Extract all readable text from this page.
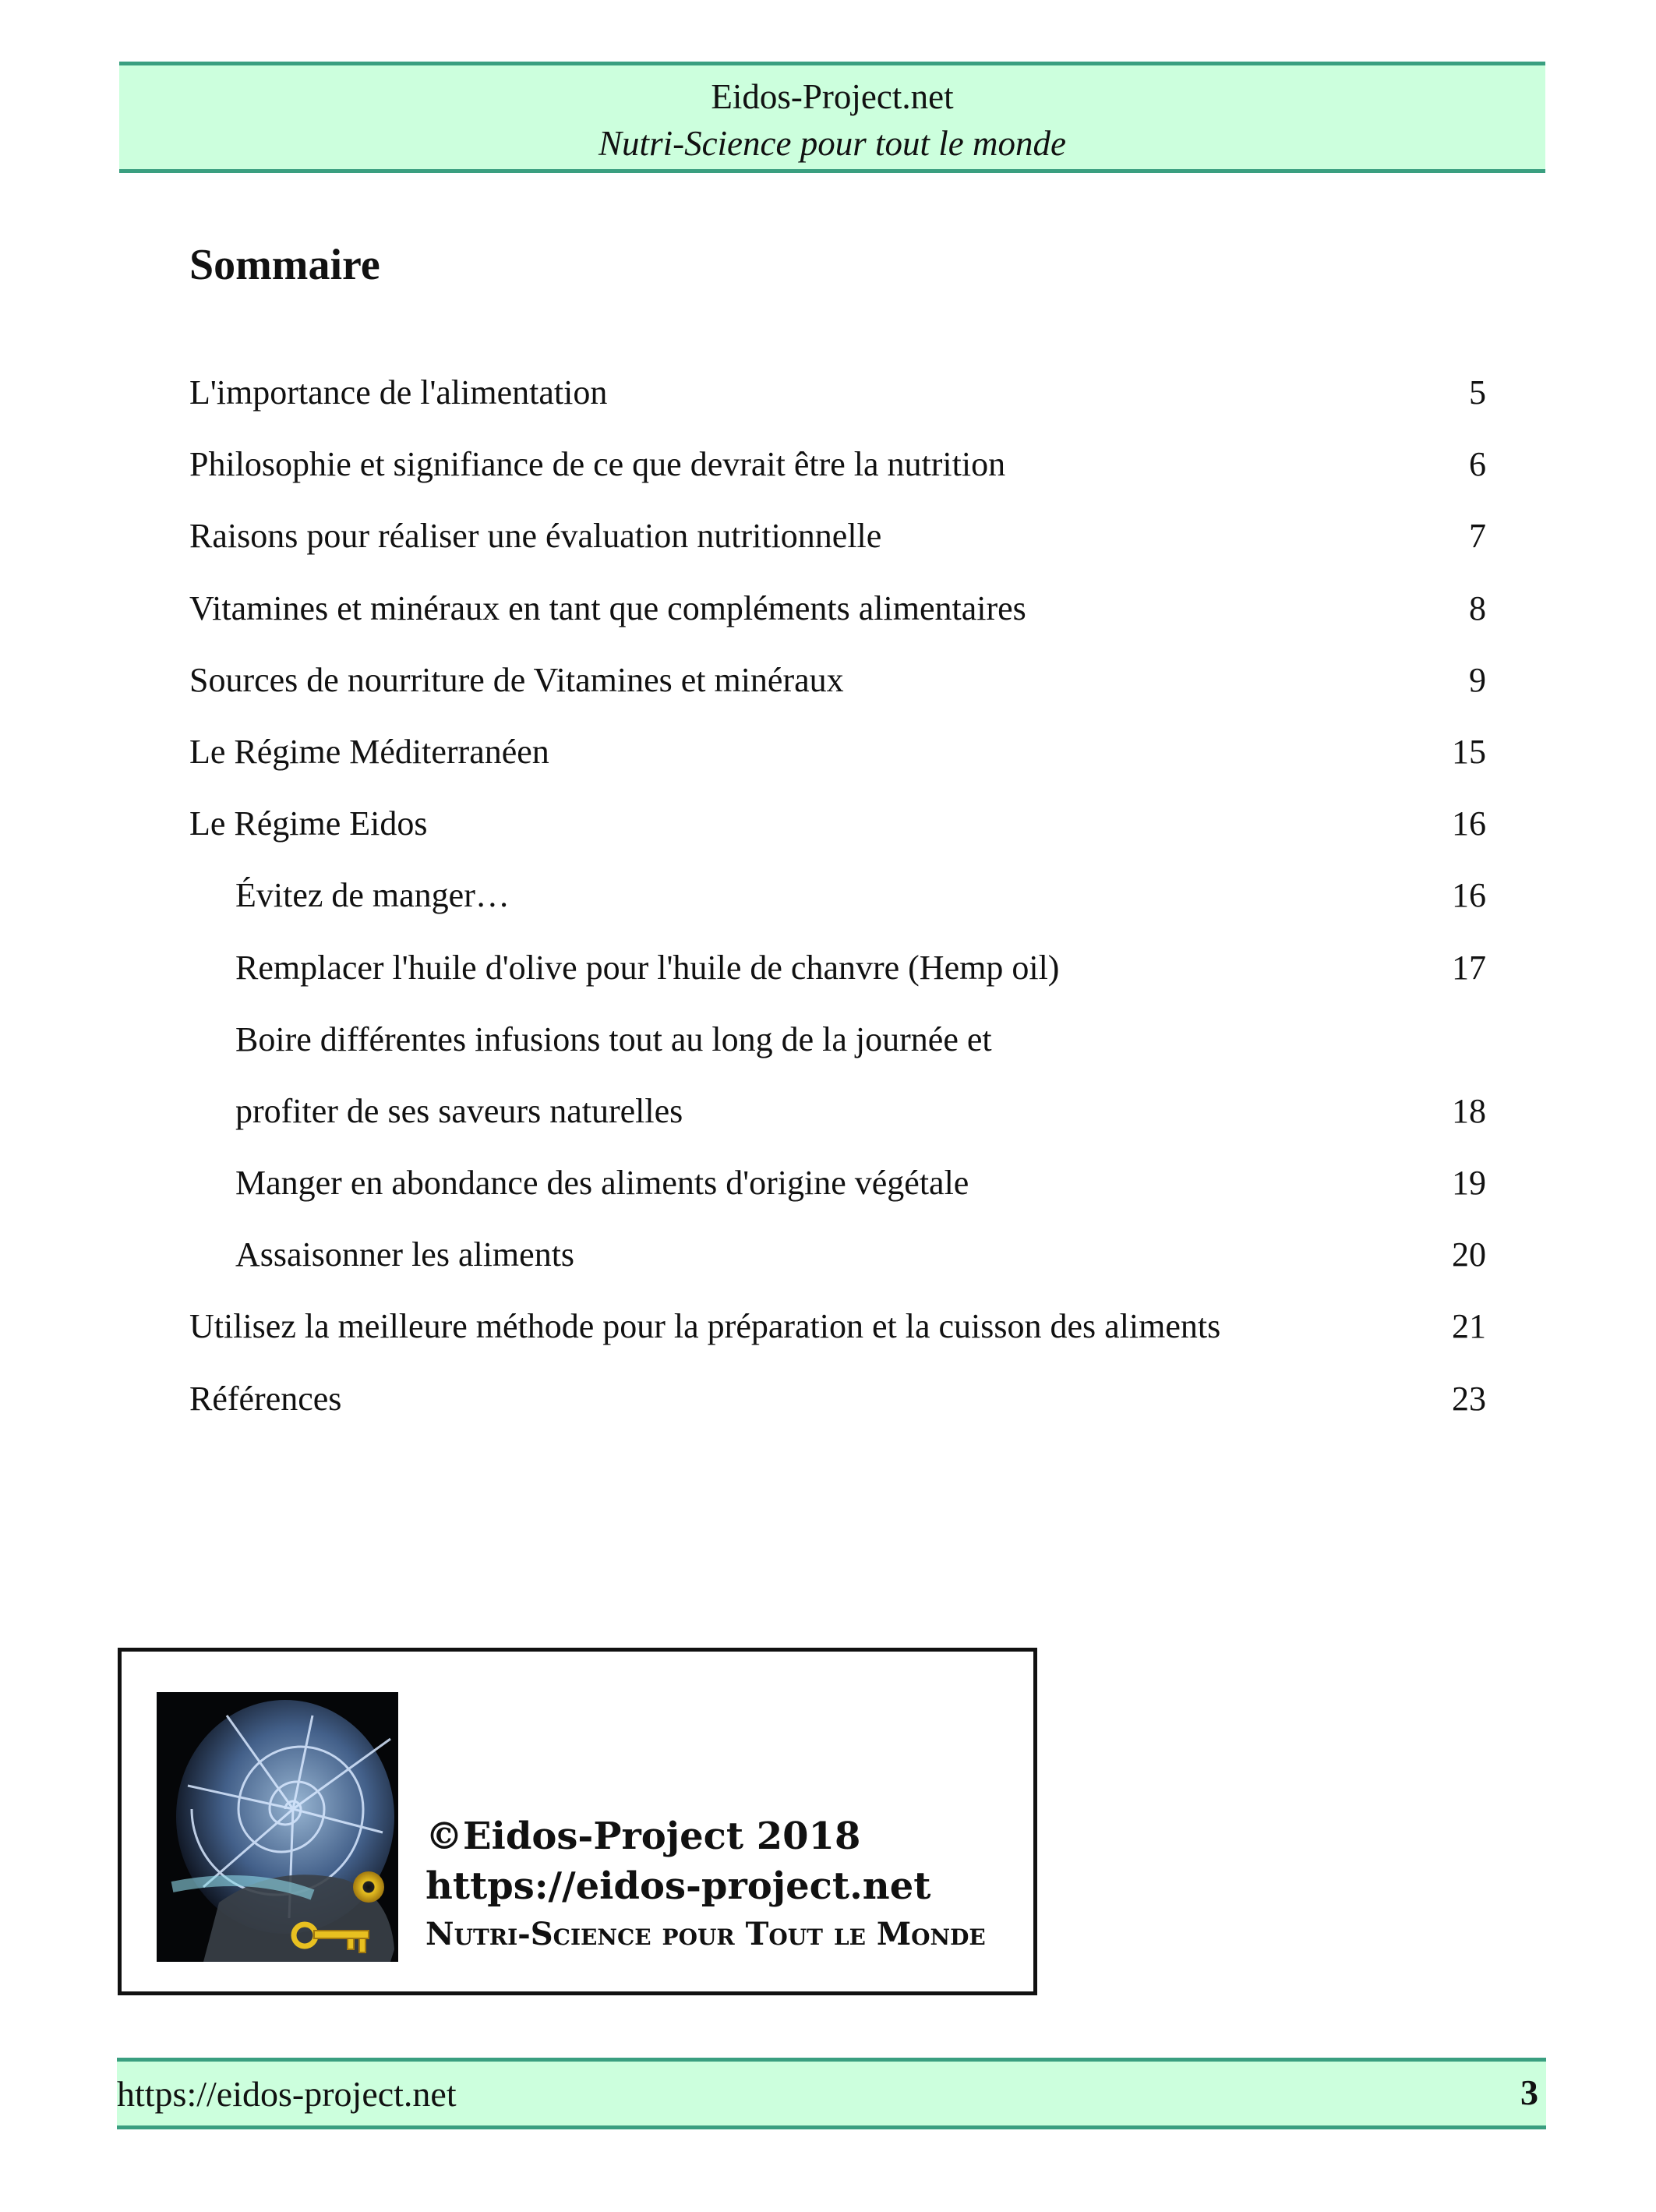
Eidos-Project.net
Nutri-Science pour tout le monde
Sommaire
L'importance de l'alimentation	5
Philosophie et signifiance de ce que devrait être la nutrition	6
Raisons pour réaliser une évaluation nutritionnelle	7
Vitamines et minéraux en tant que compléments alimentaires	8
Sources de nourriture de Vitamines et minéraux	9
Le Régime Méditerranéen	15
Le Régime Eidos	16
Évitez de manger…	16
Remplacer l'huile d'olive pour l'huile de chanvre (Hemp oil)	17
Boire différentes infusions tout au long de la journée et
profiter de ses saveurs naturelles	18
Manger en abondance des aliments d'origine végétale	19
Assaisonner les aliments	20
Utilisez la meilleure méthode pour la préparation et la cuisson des aliments	21
Références	23
©Eidos-Project 2018
https://eidos-project.net
Nutri-Science pour Tout le Monde
https://eidos-project.net	3
